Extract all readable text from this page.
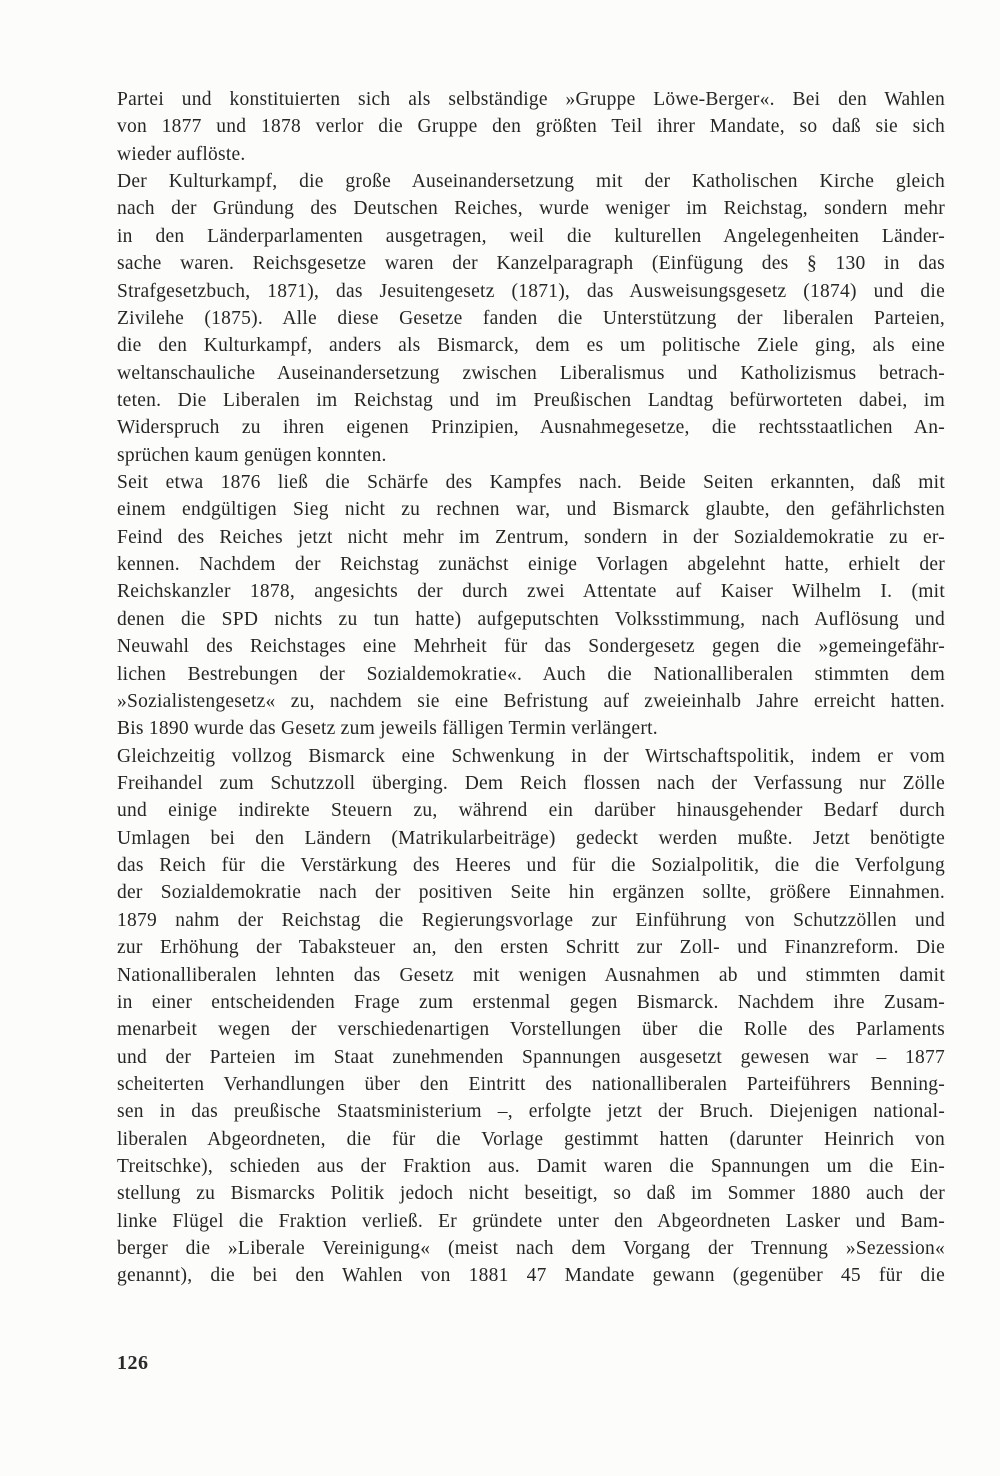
Partei und konstituierten sich als selbständige »Gruppe Löwe-Berger«. Bei den Wahlen
von 1877 und 1878 verlor die Gruppe den größten Teil ihrer Mandate, so daß sie sich
wieder auflöste.
Der Kulturkampf, die große Auseinandersetzung mit der Katholischen Kirche gleich
nach der Gründung des Deutschen Reiches, wurde weniger im Reichstag, sondern mehr
in den Länderparlamenten ausgetragen, weil die kulturellen Angelegenheiten Länder-
sache waren. Reichsgesetze waren der Kanzelparagraph (Einfügung des § 130 in das
Strafgesetzbuch, 1871), das Jesuitengesetz (1871), das Ausweisungsgesetz (1874) und die
Zivilehe (1875). Alle diese Gesetze fanden die Unterstützung der liberalen Parteien,
die den Kulturkampf, anders als Bismarck, dem es um politische Ziele ging, als eine
weltanschauliche Auseinandersetzung zwischen Liberalismus und Katholizismus betrach-
teten. Die Liberalen im Reichstag und im Preußischen Landtag befürworteten dabei, im
Widerspruch zu ihren eigenen Prinzipien, Ausnahmegesetze, die rechtsstaatlichen An-
sprüchen kaum genügen konnten.
Seit etwa 1876 ließ die Schärfe des Kampfes nach. Beide Seiten erkannten, daß mit
einem endgültigen Sieg nicht zu rechnen war, und Bismarck glaubte, den gefährlichsten
Feind des Reiches jetzt nicht mehr im Zentrum, sondern in der Sozialdemokratie zu er-
kennen. Nachdem der Reichstag zunächst einige Vorlagen abgelehnt hatte, erhielt der
Reichskanzler 1878, angesichts der durch zwei Attentate auf Kaiser Wilhelm I. (mit
denen die SPD nichts zu tun hatte) aufgeputschten Volksstimmung, nach Auflösung und
Neuwahl des Reichstages eine Mehrheit für das Sondergesetz gegen die »gemeingefähr-
lichen Bestrebungen der Sozialdemokratie«. Auch die Nationalliberalen stimmten dem
»Sozialistengesetz« zu, nachdem sie eine Befristung auf zweieinhalb Jahre erreicht hatten.
Bis 1890 wurde das Gesetz zum jeweils fälligen Termin verlängert.
Gleichzeitig vollzog Bismarck eine Schwenkung in der Wirtschaftspolitik, indem er vom
Freihandel zum Schutzzoll überging. Dem Reich flossen nach der Verfassung nur Zölle
und einige indirekte Steuern zu, während ein darüber hinausgehender Bedarf durch
Umlagen bei den Ländern (Matrikularbeiträge) gedeckt werden mußte. Jetzt benötigte
das Reich für die Verstärkung des Heeres und für die Sozialpolitik, die die Verfolgung
der Sozialdemokratie nach der positiven Seite hin ergänzen sollte, größere Einnahmen.
1879 nahm der Reichstag die Regierungsvorlage zur Einführung von Schutzzöllen und
zur Erhöhung der Tabaksteuer an, den ersten Schritt zur Zoll- und Finanzreform. Die
Nationalliberalen lehnten das Gesetz mit wenigen Ausnahmen ab und stimmten damit
in einer entscheidenden Frage zum erstenmal gegen Bismarck. Nachdem ihre Zusam-
menarbeit wegen der verschiedenartigen Vorstellungen über die Rolle des Parlaments
und der Parteien im Staat zunehmenden Spannungen ausgesetzt gewesen war – 1877
scheiterten Verhandlungen über den Eintritt des nationalliberalen Parteiführers Benning-
sen in das preußische Staatsministerium –, erfolgte jetzt der Bruch. Diejenigen national-
liberalen Abgeordneten, die für die Vorlage gestimmt hatten (darunter Heinrich von
Treitschke), schieden aus der Fraktion aus. Damit waren die Spannungen um die Ein-
stellung zu Bismarcks Politik jedoch nicht beseitigt, so daß im Sommer 1880 auch der
linke Flügel die Fraktion verließ. Er gründete unter den Abgeordneten Lasker und Bam-
berger die »Liberale Vereinigung« (meist nach dem Vorgang der Trennung »Sezession«
genannt), die bei den Wahlen von 1881 47 Mandate gewann (gegenüber 45 für die
126
